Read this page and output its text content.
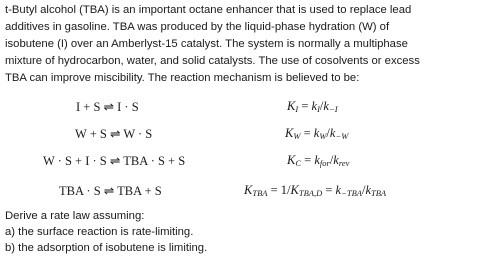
t-Butyl alcohol (TBA) is an important octane enhancer that is used to replace lead
additives in gasoline. TBA was produced by the liquid-phase hydration (W) of
isobutene (I) over an Amberlyst-15 catalyst. The system is normally a multiphase
mixture of hydrocarbon, water, and solid catalysts. The use of cosolvents or excess
TBA can improve miscibility. The reaction mechanism is believed to be:
I + S ⇌ I · S	$K_I = k_I/k_{-I}$
W + S ⇌ W · S	$K_W = k_W/k_{-W}$
W · S + I · S ⇌ TBA · S + S	$K_C = k_{for}/k_{rev}$
TBA · S ⇌ TBA + S	$K_{TBA} = 1/K_{TBA,D} = k_{-TBA}/k_{TBA}$
Derive a rate law assuming:
a) the surface reaction is rate-limiting.
b) the adsorption of isobutene is limiting.
